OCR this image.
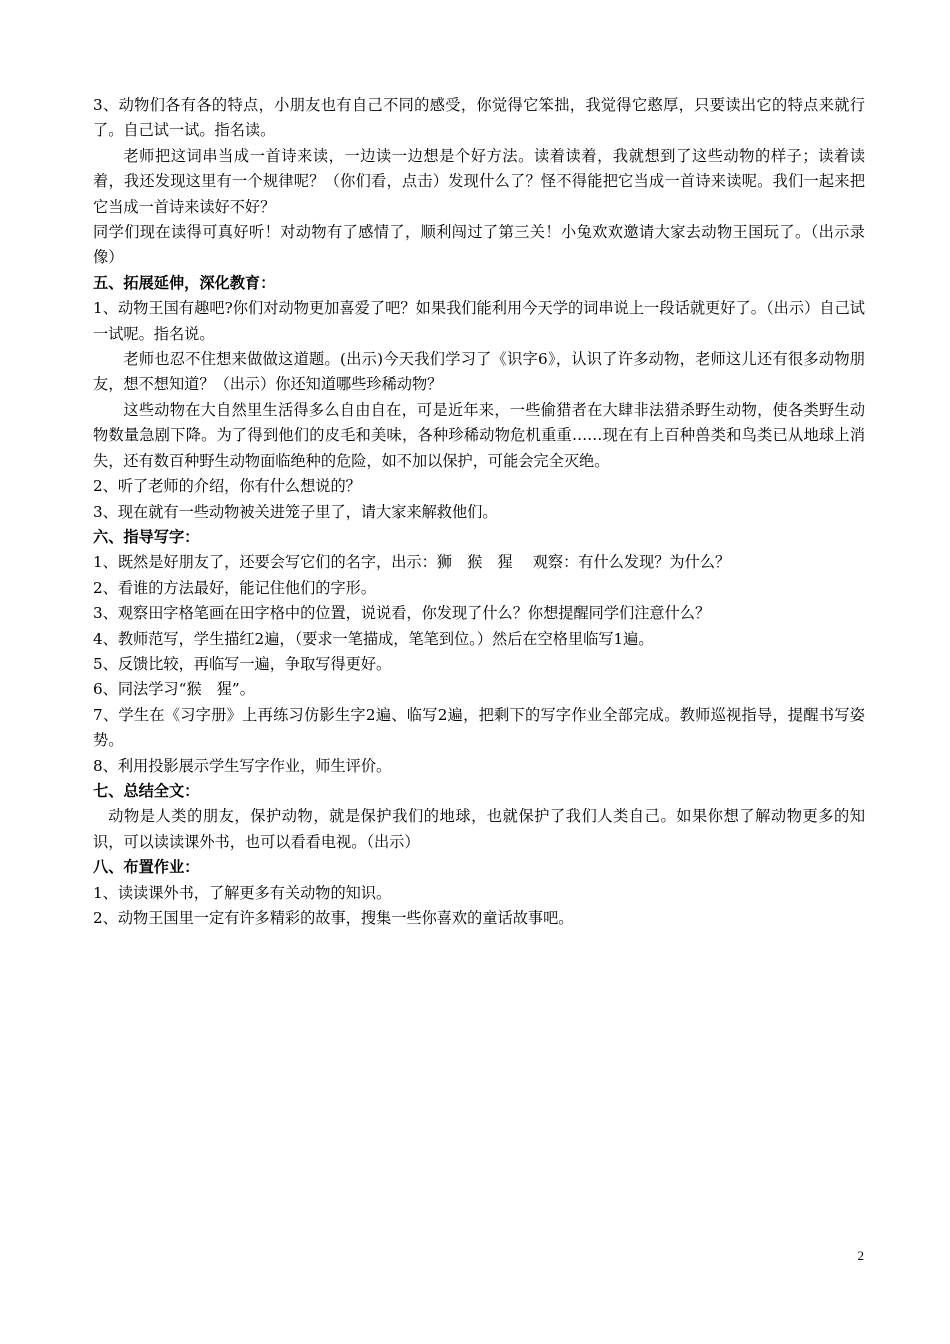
3、动物们各有各的特点，小朋友也有自己不同的感受，你觉得它笨拙，我觉得它憨厚，只要读出它的特点来就行了。自己试一试。指名读。

老师把这词串当成一首诗来读，一边读一边想是个好方法。读着读着，我就想到了这些动物的样子；读着读着，我还发现这里有一个规律呢？（你们看，点击）发现什么了？怪不得能把它当成一首诗来读呢。我们一起来把它当成一首诗来读好不好？

同学们现在读得可真好听！对动物有了感情了，顺利闯过了第三关！小兔欢欢邀请大家去动物王国玩了。（出示录像）

五、拓展延伸，深化教育：

1、动物王国有趣吧?你们对动物更加喜爱了吧？如果我们能利用今天学的词串说上一段话就更好了。（出示）自己试一试呢。指名说。

老师也忍不住想来做做这道题。(出示)今天我们学习了《识字6》，认识了许多动物，老师这儿还有很多动物朋友，想不想知道？（出示）你还知道哪些珍稀动物？

这些动物在大自然里生活得多么自由自在，可是近年来，一些偷猎者在大肆非法猎杀野生动物，使各类野生动物数量急剧下降。为了得到他们的皮毛和美味，各种珍稀动物危机重重……现在有上百种兽类和鸟类已从地球上消失，还有数百种野生动物面临绝种的危险，如不加以保护，可能会完全灭绝。

2、听了老师的介绍，你有什么想说的？

3、现在就有一些动物被关进笼子里了，请大家来解救他们。

六、指导写字：

1、既然是好朋友了，还要会写它们的名字，出示：狮　猴　猩　 观察：有什么发现？为什么？

2、看谁的方法最好，能记住他们的字形。

3、观察田字格笔画在田字格中的位置，说说看，你发现了什么？你想提醒同学们注意什么？

4、教师范写，学生描红2遍，（要求一笔描成，笔笔到位。）然后在空格里临写1遍。

5、反馈比较，再临写一遍，争取写得更好。

6、同法学习“猴　猩”。

7、学生在《习字册》上再练习仿影生字2遍、临写2遍，把剩下的写字作业全部完成。教师巡视指导，提醒书写姿势。

8、利用投影展示学生写字作业，师生评价。

七、总结全文：

动物是人类的朋友，保护动物，就是保护我们的地球，也就保护了我们人类自己。如果你想了解动物更多的知识，可以读读课外书，也可以看看电视。（出示）

八、布置作业：

1、读读课外书，了解更多有关动物的知识。

2、动物王国里一定有许多精彩的故事，搜集一些你喜欢的童话故事吧。

2
